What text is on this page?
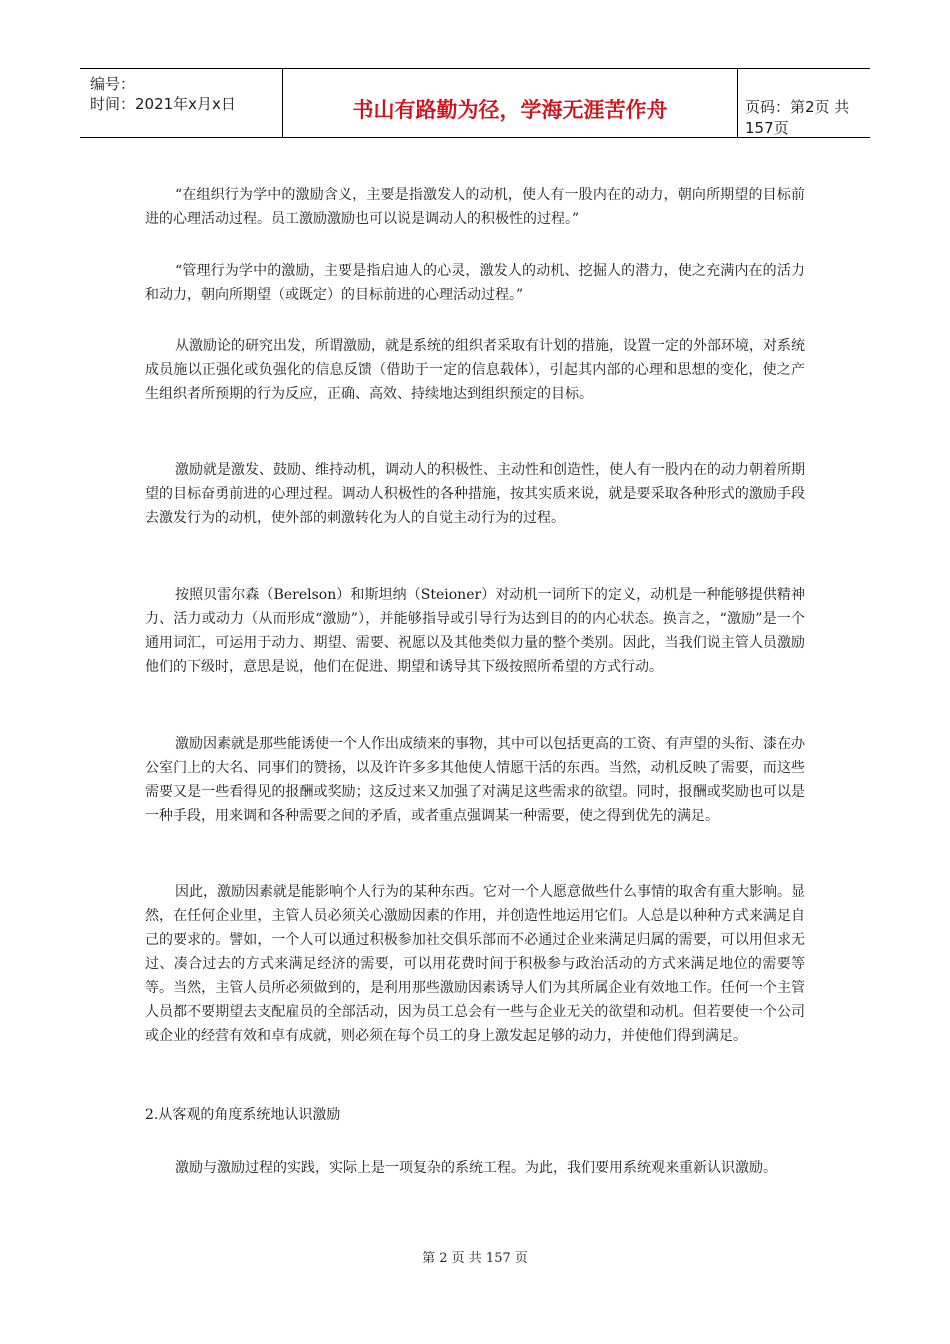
编号：
时间：2021年x月x日	书山有路勤为径，学海无涯苦作舟	页码：第2页 共157页

“在组织行为学中的激励含义，主要是指激发人的动机，使人有一股内在的动力，朝向所期望的目标前进的心理活动过程。员工激励激励也可以说是调动人的积极性的过程。”

“管理行为学中的激励，主要是指启迪人的心灵，激发人的动机、挖掘人的潜力，使之充满内在的活力和动力，朝向所期望（或既定）的目标前进的心理活动过程。”

从激励论的研究出发，所谓激励，就是系统的组织者采取有计划的措施，设置一定的外部环境，对系统成员施以正强化或负强化的信息反馈（借助于一定的信息载体），引起其内部的心理和思想的变化，使之产生组织者所预期的行为反应，正确、高效、持续地达到组织预定的目标。

激励就是激发、鼓励、维持动机，调动人的积极性、主动性和创造性，使人有一股内在的动力朝着所期望的目标奋勇前进的心理过程。调动人积极性的各种措施，按其实质来说，就是要采取各种形式的激励手段去激发行为的动机，使外部的刺激转化为人的自觉主动行为的过程。

按照贝雷尔森（Berelson）和斯坦纳（Steioner）对动机一词所下的定义，动机是一种能够提供精神力、活力或动力（从而形成“激励”），并能够指导或引导行为达到目的的内心状态。换言之，“激励”是一个通用词汇，可运用于动力、期望、需要、祝愿以及其他类似力量的整个类别。因此，当我们说主管人员激励他们的下级时，意思是说，他们在促进、期望和诱导其下级按照所希望的方式行动。

激励因素就是那些能诱使一个人作出成绩来的事物，其中可以包括更高的工资、有声望的头衔、漆在办公室门上的大名、同事们的赞扬，以及许许多多其他使人情愿干活的东西。当然，动机反映了需要，而这些需要又是一些看得见的报酬或奖励；这反过来又加强了对满足这些需求的欲望。同时，报酬或奖励也可以是一种手段，用来调和各种需要之间的矛盾，或者重点强调某一种需要，使之得到优先的满足。

因此，激励因素就是能影响个人行为的某种东西。它对一个人愿意做些什么事情的取舍有重大影响。显然，在任何企业里，主管人员必须关心激励因素的作用，并创造性地运用它们。人总是以种种方式来满足自己的要求的。譬如，一个人可以通过积极参加社交俱乐部而不必通过企业来满足归属的需要，可以用但求无过、凑合过去的方式来满足经济的需要，可以用花费时间于积极参与政治活动的方式来满足地位的需要等等。当然，主管人员所必须做到的，是利用那些激励因素诱导人们为其所属企业有效地工作。任何一个主管人员都不要期望去支配雇员的全部活动，因为员工总会有一些与企业无关的欲望和动机。但若要使一个公司或企业的经营有效和卓有成就，则必须在每个员工的身上激发起足够的动力，并使他们得到满足。

2.从客观的角度系统地认识激励

激励与激励过程的实践，实际上是一项复杂的系统工程。为此，我们要用系统观来重新认识激励。

第 2 页 共 157 页
